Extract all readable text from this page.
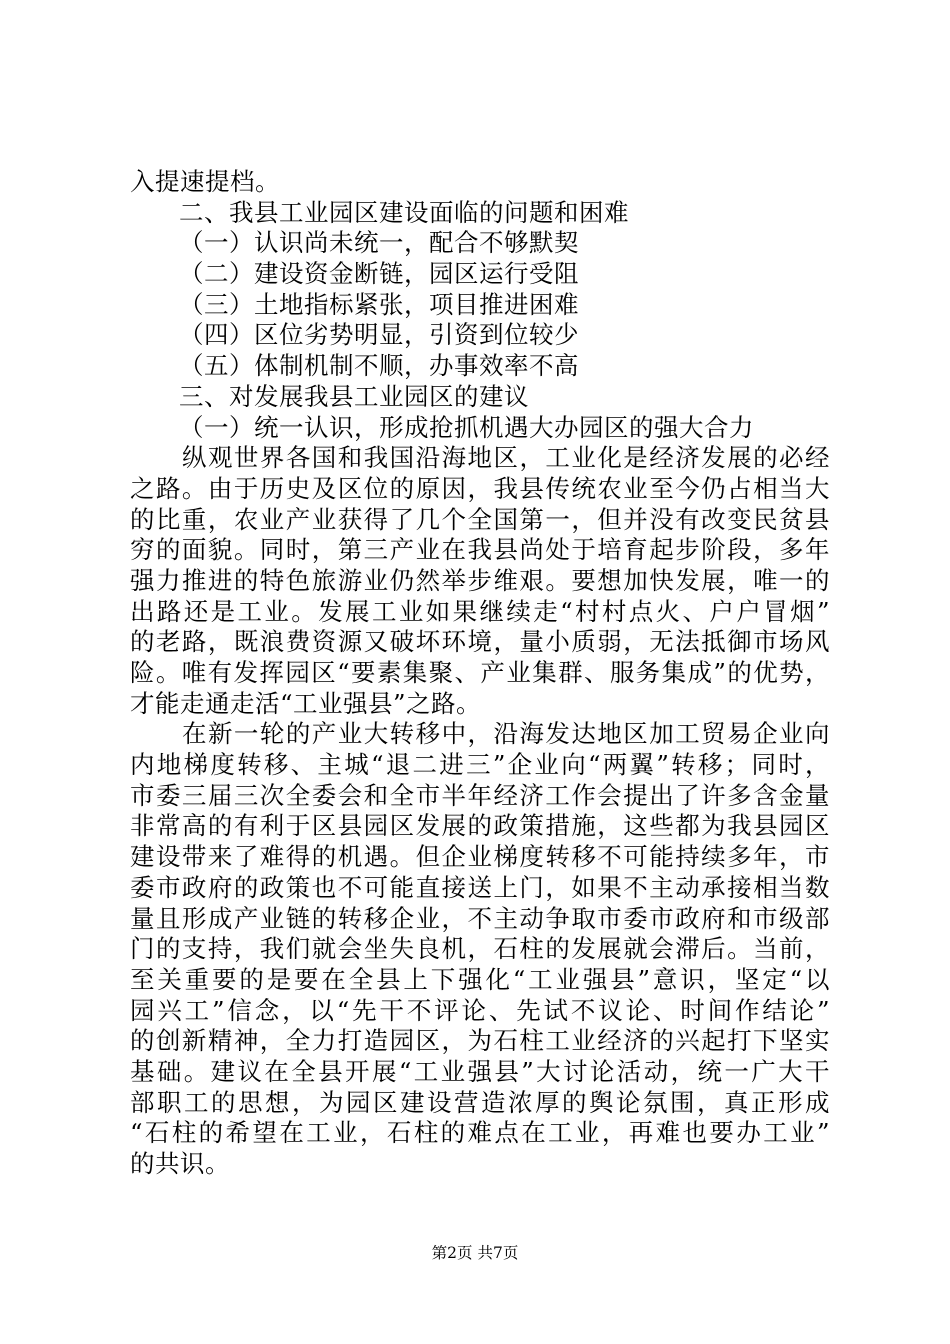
入提速提档。
二、我县工业园区建设面临的问题和困难
（一）认识尚未统一，配合不够默契
（二）建设资金断链，园区运行受阻
（三）土地指标紧张，项目推进困难
（四）区位劣势明显，引资到位较少
（五）体制机制不顺，办事效率不高
三、对发展我县工业园区的建议
（一）统一认识，形成抢抓机遇大办园区的强大合力
纵观世界各国和我国沿海地区，工业化是经济发展的必经
之路。由于历史及区位的原因，我县传统农业至今仍占相当大
的比重，农业产业获得了几个全国第一，但并没有改变民贫县
穷的面貌。同时，第三产业在我县尚处于培育起步阶段，多年
强力推进的特色旅游业仍然举步维艰。要想加快发展，唯一的
出路还是工业。发展工业如果继续走“村村点火、户户冒烟”
的老路，既浪费资源又破坏环境，量小质弱，无法抵御市场风
险。唯有发挥园区“要素集聚、产业集群、服务集成”的优势，
才能走通走活“工业强县”之路。
在新一轮的产业大转移中，沿海发达地区加工贸易企业向
内地梯度转移、主城“退二进三”企业向“两翼”转移；同时，
市委三届三次全委会和全市半年经济工作会提出了许多含金量
非常高的有利于区县园区发展的政策措施，这些都为我县园区
建设带来了难得的机遇。但企业梯度转移不可能持续多年，市
委市政府的政策也不可能直接送上门，如果不主动承接相当数
量且形成产业链的转移企业，不主动争取市委市政府和市级部
门的支持，我们就会坐失良机，石柱的发展就会滞后。当前，
至关重要的是要在全县上下强化“工业强县”意识，坚定“以
园兴工”信念，以“先干不评论、先试不议论、时间作结论”
的创新精神，全力打造园区，为石柱工业经济的兴起打下坚实
基础。建议在全县开展“工业强县”大讨论活动，统一广大干
部职工的思想，为园区建设营造浓厚的舆论氛围，真正形成
“石柱的希望在工业，石柱的难点在工业，再难也要办工业”
的共识。
第2页 共7页
